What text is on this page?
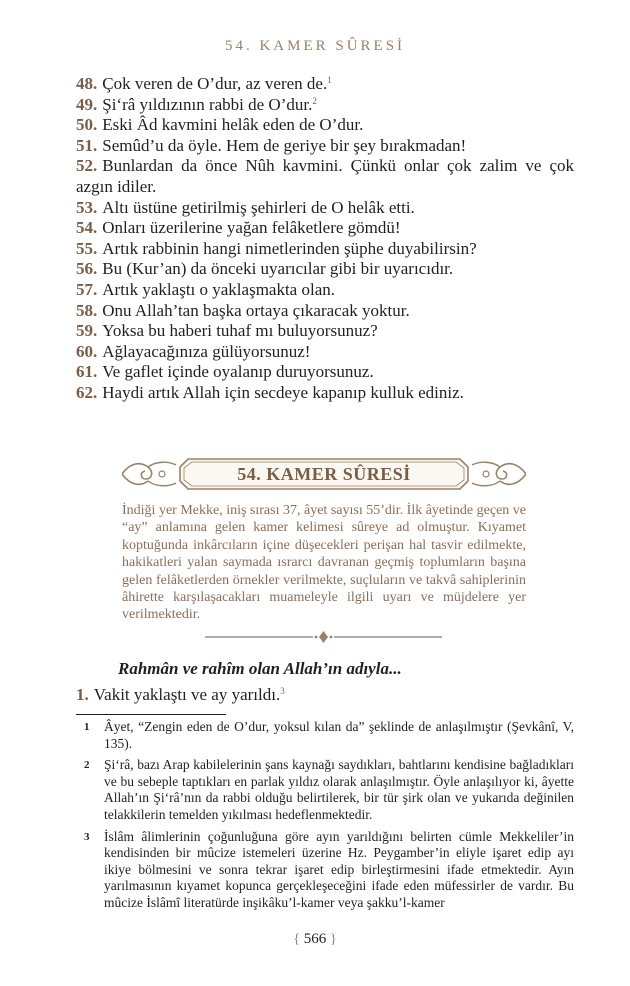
54. KAMER SÛRESİ
48. Çok veren de O’dur, az veren de.$^1$
49. Şi‘râ yıldızının rabbi de O’dur.$^2$
50. Eski Âd kavmini helâk eden de O’dur.
51. Semûd’u da öyle. Hem de geriye bir şey bırakmadan!
52. Bunlardan da önce Nûh kavmini. Çünkü onlar çok zalim ve çok azgın idiler.
53. Altı üstüne getirilmiş şehirleri de O helâk etti.
54. Onları üzerilerine yağan felâketlere gömdü!
55. Artık rabbinin hangi nimetlerinden şüphe duyabilirsin?
56. Bu (Kur’an) da önceki uyarıcılar gibi bir uyarıcıdır.
57. Artık yaklaştı o yaklaşmakta olan.
58. Onu Allah’tan başka ortaya çıkaracak yoktur.
59. Yoksa bu haberi tuhaf mı buluyorsunuz?
60. Ağlayacağınıza gülüyorsunuz!
61. Ve gaflet içinde oyalanıp duruyorsunuz.
62. Haydi artık Allah için secdeye kapanıp kulluk ediniz.
54. KAMER SÛRESİ
İndiği yer Mekke, iniş sırası 37, âyet sayısı 55’dir. İlk âyetinde geçen ve “ay” anlamına gelen kamer kelimesi sûreye ad olmuştur. Kıyamet koptuğunda inkârcıların içine düşecekleri perişan hal tasvir edilmekte, hakikatleri yalan saymada ısrarcı davranan geçmiş toplumların başına gelen felâketlerden örnekler verilmekte, suçluların ve takvâ sahiplerinin âhirette karşılaşacakları muameleyle ilgili uyarı ve müjdelere yer verilmektedir.
Rahmân ve rahîm olan Allah’ın adıyla...
1. Vakit yaklaştı ve ay yarıldı.$^3$
1 Âyet, “Zengin eden de O’dur, yoksul kılan da” şeklinde de anlaşılmıştır (Şevkânî, V, 135).
2 Şi‘râ, bazı Arap kabilelerinin şans kaynağı saydıkları, bahtlarını kendisine bağladıkları ve bu sebeple taptıkları en parlak yıldız olarak anlaşılmıştır. Öyle anlaşılıyor ki, âyette Allah’ın Şi‘râ’nın da rabbi olduğu belirtilerek, bir tür şirk olan ve yukarıda değinilen telakkilerin temelden yıkılması hedeflenmektedir.
3 İslâm âlimlerinin çoğunluğuna göre ayın yarıldığını belirten cümle Mekkeliler’in kendisinden bir mûcize istemeleri üzerine Hz. Peygamber’in eliyle işaret edip ayı ikiye bölmesini ve sonra tekrar işaret edip birleştirmesini ifade etmektedir. Ayın yarılmasının kıyamet kopunca gerçekleşeceğini ifade eden müfessirler de vardır. Bu mûcize İslâmî literatürde inşikâku’l-kamer veya şakku’l-kamer
{ 566 }
